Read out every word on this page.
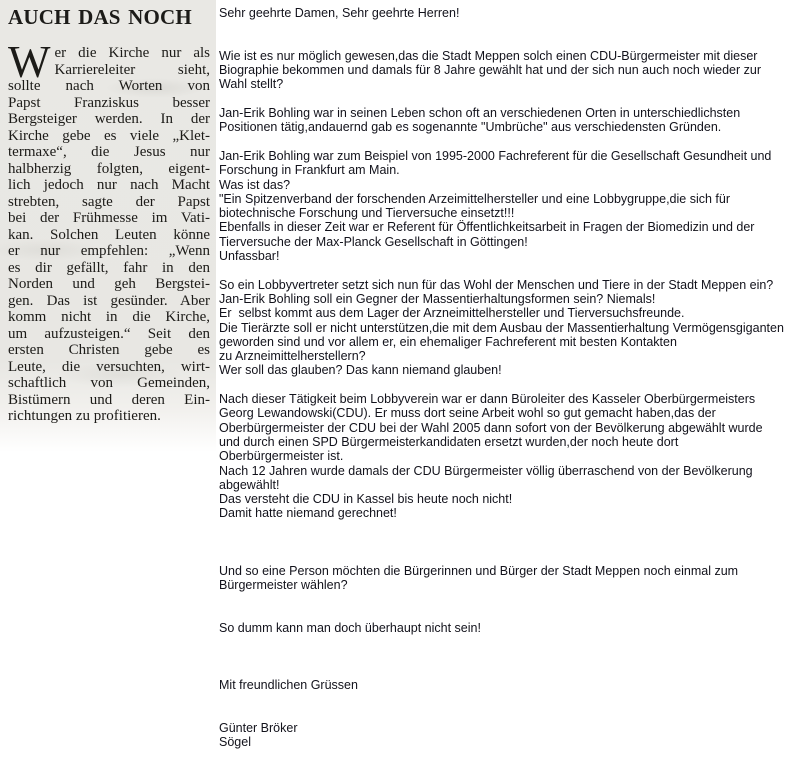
AUCH DAS NOCH
W er die Kirche nur als
Karriereleiter sieht,
sollte nach Worten von
Papst Franziskus besser
Bergsteiger werden. In der
Kirche gebe es viele „Klet-
termaxe“, die Jesus nur
halbherzig folgten, eigent-
lich jedoch nur nach Macht
strebten, sagte der Papst
bei der Frühmesse im Vati-
kan. Solchen Leuten könne
er nur empfehlen: „Wenn
es dir gefällt, fahr in den
Norden und geh Bergstei-
gen. Das ist gesünder. Aber
komm nicht in die Kirche,
um aufzusteigen.“ Seit den
ersten Christen gebe es
Leute, die versuchten, wirt-
schaftlich von Gemeinden,
Bistümern und deren Ein-
richtungen zu profitieren.
Sehr geehrte Damen, Sehr geehrte Herren!
Wie ist es nur möglich gewesen,das die Stadt Meppen solch einen CDU-Bürgermeister mit dieser
Biographie bekommen und damals für 8 Jahre gewählt hat und der sich nun auch noch wieder zur
Wahl stellt?
Jan-Erik Bohling war in seinen Leben schon oft an verschiedenen Orten in unterschiedlichsten
Positionen tätig,andauernd gab es sogenannte "Umbrüche" aus verschiedensten Gründen.
Jan-Erik Bohling war zum Beispiel von 1995-2000 Fachreferent für die Gesellschaft Gesundheit und
Forschung in Frankfurt am Main.
Was ist das?
"Ein Spitzenverband der forschenden Arzeimittelhersteller und eine Lobbygruppe,die sich für
biotechnische Forschung und Tierversuche einsetzt!!!
Ebenfalls in dieser Zeit war er Referent für Öffentlichkeitsarbeit in Fragen der Biomedizin und der
Tierversuche der Max-Planck Gesellschaft in Göttingen!
Unfassbar!
So ein Lobbyvertreter setzt sich nun für das Wohl der Menschen und Tiere in der Stadt Meppen ein?
Jan-Erik Bohling soll ein Gegner der Massentierhaltungsformen sein? Niemals!
Er  selbst kommt aus dem Lager der Arzneimittelhersteller und Tierversuchsfreunde.
Die Tierärzte soll er nicht unterstützen,die mit dem Ausbau der Massentierhaltung Vermögensgiganten
geworden sind und vor allem er, ein ehemaliger Fachreferent mit besten Kontakten
zu Arzneimittelherstellern?
Wer soll das glauben? Das kann niemand glauben!
Nach dieser Tätigkeit beim Lobbyverein war er dann Büroleiter des Kasseler Oberbürgermeisters
Georg Lewandowski(CDU). Er muss dort seine Arbeit wohl so gut gemacht haben,das der
Oberbürgermeister der CDU bei der Wahl 2005 dann sofort von der Bevölkerung abgewählt wurde
und durch einen SPD Bürgermeisterkandidaten ersetzt wurden,der noch heute dort
Oberbürgermeister ist.
Nach 12 Jahren wurde damals der CDU Bürgermeister völlig überraschend von der Bevölkerung
abgewählt!
Das versteht die CDU in Kassel bis heute noch nicht!
Damit hatte niemand gerechnet!
Und so eine Person möchten die Bürgerinnen und Bürger der Stadt Meppen noch einmal zum
Bürgermeister wählen?
So dumm kann man doch überhaupt nicht sein!
Mit freundlichen Grüssen
Günter Bröker
Sögel
